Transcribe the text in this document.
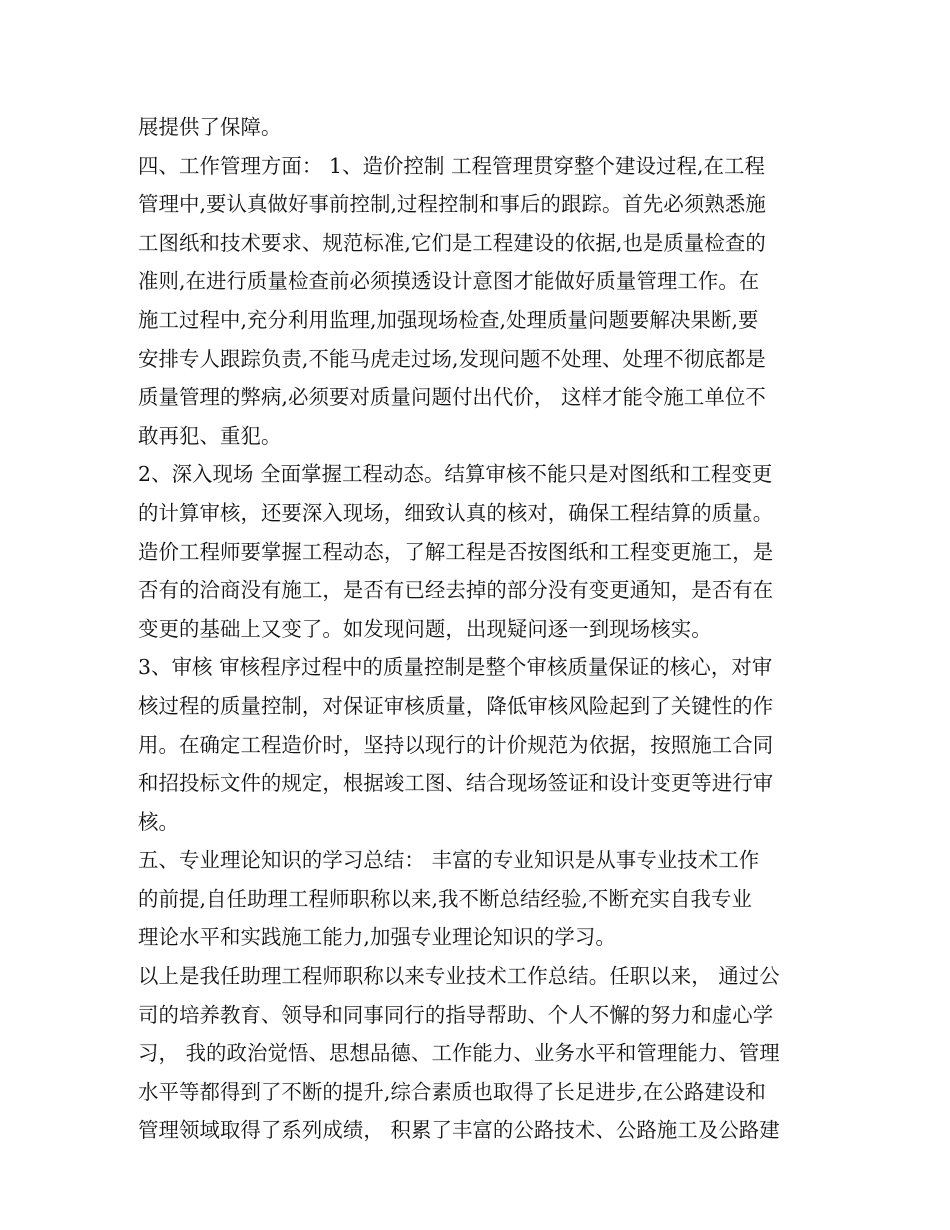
展提供了保障。
四、工作管理方面： 1、造价控制 工程管理贯穿整个建设过程,在工程
管理中,要认真做好事前控制,过程控制和事后的跟踪。首先必须熟悉施
工图纸和技术要求、规范标准,它们是工程建设的依据,也是质量检查的
准则,在进行质量检查前必须摸透设计意图才能做好质量管理工作。在
施工过程中,充分利用监理,加强现场检查,处理质量问题要解决果断,要
安排专人跟踪负责,不能马虎走过场,发现问题不处理、处理不彻底都是
质量管理的弊病,必须要对质量问题付出代价， 这样才能令施工单位不
敢再犯、重犯。
2、深入现场 全面掌握工程动态。结算审核不能只是对图纸和工程变更
的计算审核，还要深入现场，细致认真的核对，确保工程结算的质量。
造价工程师要掌握工程动态，了解工程是否按图纸和工程变更施工，是
否有的洽商没有施工，是否有已经去掉的部分没有变更通知，是否有在
变更的基础上又变了。如发现问题，出现疑问逐一到现场核实。
3、审核 审核程序过程中的质量控制是整个审核质量保证的核心，对审
核过程的质量控制，对保证审核质量，降低审核风险起到了关键性的作
用。在确定工程造价时，坚持以现行的计价规范为依据，按照施工合同
和招投标文件的规定，根据竣工图、结合现场签证和设计变更等进行审
核。
五、专业理论知识的学习总结： 丰富的专业知识是从事专业技术工作
的前提,自任助理工程师职称以来,我不断总结经验,不断充实自我专业
理论水平和实践施工能力,加强专业理论知识的学习。
以上是我任助理工程师职称以来专业技术工作总结。任职以来， 通过公
司的培养教育、领导和同事同行的指导帮助、个人不懈的努力和虚心学
习， 我的政治觉悟、思想品德、工作能力、业务水平和管理能力、管理
水平等都得到了不断的提升,综合素质也取得了长足进步,在公路建设和
管理领域取得了系列成绩， 积累了丰富的公路技术、公路施工及公路建
